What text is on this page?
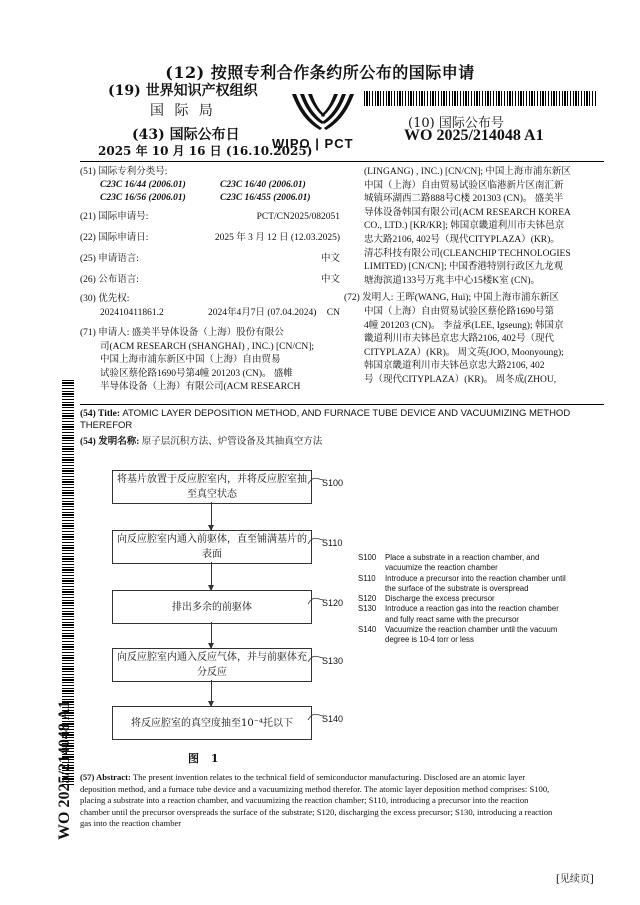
(12) 按照专利合作条约所公布的国际申请
(19) 世界知识产权组织
国 际 局
(43) 国际公布日
2025 年 10 月 16 日 (16.10.2025)
WIPO | PCT
(10) 国际公布号
WO 2025/214048 A1
(51) 国际专利分类号:
C23C 16/44 (2006.01)	C23C 16/40 (2006.01)
C23C 16/56 (2006.01)	C23C 16/455 (2006.01)
(21) 国际申请号:	PCT/CN2025/082051
(22) 国际申请日:	2025 年 3 月 12 日 (12.03.2025)
(25) 申请语言:	中文
(26) 公布语言:	中文
(30) 优先权:
202410411861.2	2024年4月7日 (07.04.2024) CN
(71) 申请人: 盛美半导体设备（上海）股份有限公
司(ACM RESEARCH (SHANGHAI) , INC.) [CN/CN];
中国上海市浦东新区中国（上海）自由贸易
试验区蔡伦路1690号第4幢 201203 (CN)。 盛帷
半导体设备（上海）有限公司(ACM RESEARCH
(LINGANG) , INC.) [CN/CN]; 中国上海市浦东新区
中国（上海）自由贸易试验区临港新片区南汇新
城镇环湖西二路888号C楼 201303 (CN)。 盛美半
导体设备韩国有限公司(ACM RESEARCH KOREA
CO., LTD.) [KR/KR]; 韩国京畿道利川市夫钵邑京
忠大路2106, 402号（现代CITYPLAZA）(KR)。
清芯科技有限公司(CLEANCHIP TECHNOLOGIES
LIMITED) [CN/CN]; 中国香港特别行政区九龙观
塘海滨道133号万兆丰中心15楼K室 (CN)。
(72) 发明人: 王晖(WANG, Hui); 中国上海市浦东新区
中国（上海）自由贸易试验区蔡伦路1690号第
4幢 201203 (CN)。 李益承(LEE, Igseung); 韩国京
畿道利川市夫钵邑京忠大路2106, 402号（现代
CITYPLAZA）(KR)。 周文英(JOO, Moonyoung);
韩国京畿道利川市夫钵邑京忠大路2106, 402
号（现代CITYPLAZA）(KR)。 周冬成(ZHOU,
(54) Title: ATOMIC LAYER DEPOSITION METHOD, AND FURNACE TUBE DEVICE AND VACUUMIZING METHOD
THEREFOR
(54) 发明名称: 原子层沉积方法、炉管设备及其抽真空方法
WO 2025/214048 A1
将基片放置于反应腔室内，并将反应腔室抽至真空状态
S100
向反应腔室内通入前驱体，直至铺满基片的表面
S110
排出多余的前驱体	S120
向反应腔室内通入反应气体，并与前驱体充分反应
S130
将反应腔室的真空度抽至10⁻⁴托以下	S140
图 1
S100	Place a substrate in a reaction chamber, and
vacuumize the reaction chamber
S110	Introduce a precursor into the reaction chamber until
the surface of the substrate is overspread
S120	Discharge the excess precursor
S130	Introduce a reaction gas into the reaction chamber
and fully react same with the precursor
S140	Vacuumize the reaction chamber until the vacuum
degree is 10-4 torr or less
(57) Abstract: The present invention relates to the technical field of semiconductor manufacturing. Disclosed are an atomic layer
deposition method, and a furnace tube device and a vacuumizing method therefor. The atomic layer deposition method comprises: S100,
placing a substrate into a reaction chamber, and vacuumizing the reaction chamber; S110, introducing a precursor into the reaction
chamber until the precursor overspreads the surface of the substrate; S120, discharging the excess precursor; S130, introducing a reaction
gas into the reaction chamber
[见续页]
